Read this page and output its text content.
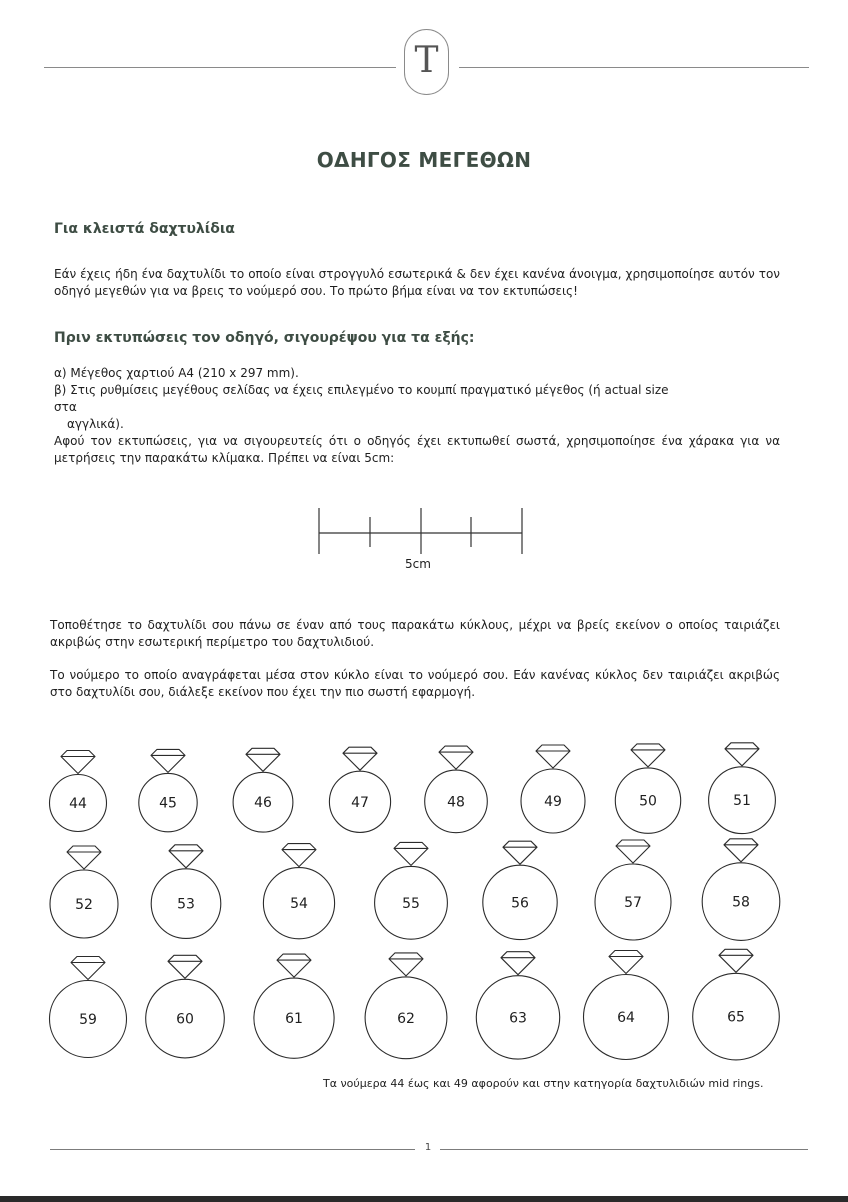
T
ΟΔΗΓΟΣ ΜΕΓΕΘΩΝ
Για κλειστά δαχτυλίδια
Εάν έχεις ήδη ένα δαχτυλίδι το οποίο είναι στρογγυλό εσωτερικά & δεν έχει κανένα άνοιγμα, χρησιμοποίησε αυτόν τον οδηγό μεγεθών για να βρεις το νούμερό σου. Το πρώτο βήμα είναι να τον εκτυπώσεις!
Πριν εκτυπώσεις τον οδηγό, σιγουρέψου για τα εξής:
α) Μέγεθος χαρτιού Α4 (210 x 297 mm).
β) Στις ρυθμίσεις μεγέθους σελίδας να έχεις επιλεγμένο το κουμπί πραγματικό μέγεθος (ή actual size στα
αγγλικά).
Αφού τον εκτυπώσεις, για να σιγουρευτείς ότι ο οδηγός έχει εκτυπωθεί σωστά, χρησιμοποίησε ένα χάρακα για να μετρήσεις την παρακάτω κλίμακα. Πρέπει να είναι 5cm:
5cm
Τοποθέτησε το δαχτυλίδι σου πάνω σε έναν από τους παρακάτω κύκλους, μέχρι να βρείς εκείνον ο οποίος ταιριάζει ακριβώς στην εσωτερική περίμετρο του δαχτυλιδιού.
Το νούμερο το οποίο αναγράφεται μέσα στον κύκλο είναι το νούμερό σου. Εάν κανένας κύκλος δεν ταιριάζει ακριβώς στο δαχτυλίδι σου, διάλεξε εκείνον που έχει την πιο σωστή εφαρμογή.
44	45	46	47	48	49	50	51
52	53	54	55	56	57	58
59	60	61	62	63	64	65
Τα νούμερα 44 έως και 49 αφορούν και στην κατηγορία δαχτυλιδιών mid rings.
1
